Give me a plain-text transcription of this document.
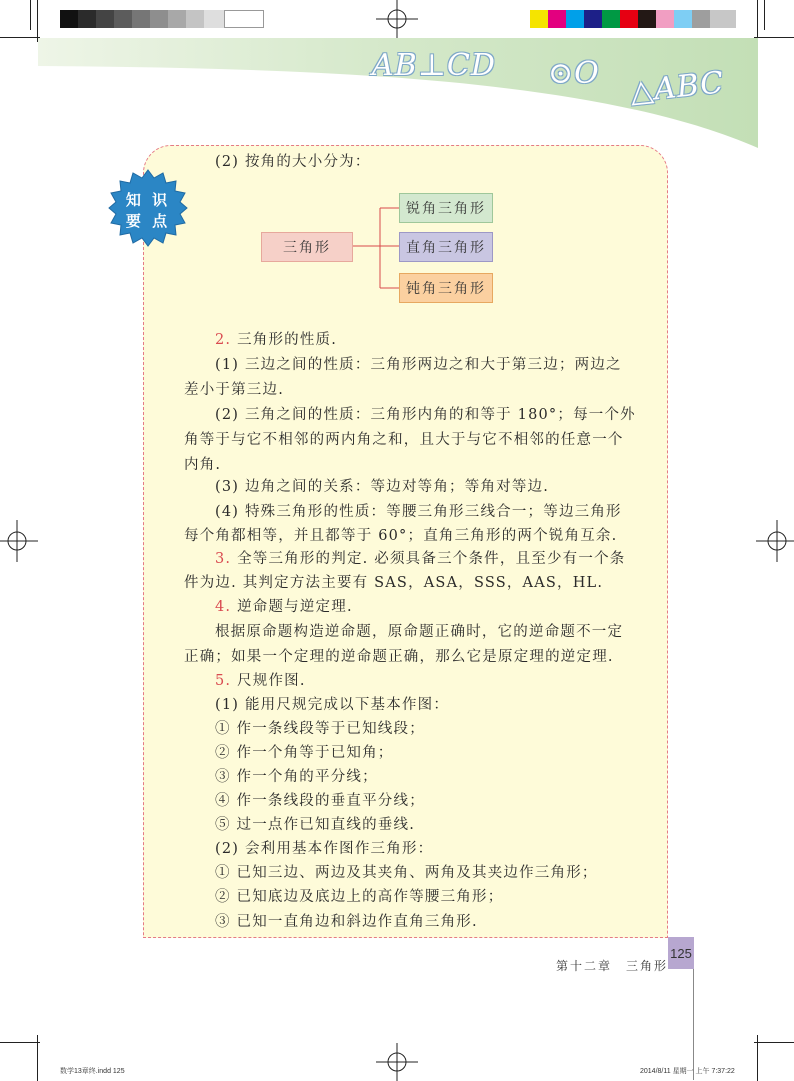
AB⊥CD ⊙O △ABC
知 识
要 点
(2) 按角的大小分为：
三角形
锐角三角形
直角三角形
钝角三角形
2. 三角形的性质.
(1) 三边之间的性质：三角形两边之和大于第三边；两边之
差小于第三边.
(2) 三角之间的性质：三角形内角的和等于 180°；每一个外
角等于与它不相邻的两内角之和，且大于与它不相邻的任意一个
内角.
(3) 边角之间的关系：等边对等角；等角对等边.
(4) 特殊三角形的性质：等腰三角形三线合一；等边三角形
每个角都相等，并且都等于 60°；直角三角形的两个锐角互余.
3. 全等三角形的判定. 必须具备三个条件，且至少有一个条
件为边. 其判定方法主要有 SAS，ASA，SSS，AAS，HL.
4. 逆命题与逆定理.
根据原命题构造逆命题，原命题正确时，它的逆命题不一定
正确；如果一个定理的逆命题正确，那么它是原定理的逆定理.
5. 尺规作图.
(1) 能用尺规完成以下基本作图：
① 作一条线段等于已知线段；
② 作一个角等于已知角；
③ 作一个角的平分线；
④ 作一条线段的垂直平分线；
⑤ 过一点作已知直线的垂线.
(2) 会利用基本作图作三角形：
① 已知三边、两边及其夹角、两角及其夹边作三角形；
② 已知底边及底边上的高作等腰三角形；
③ 已知一直角边和斜边作直角三角形.
第十二章　三角形
125
数学13章终.indd 125	2014/8/11 星期一 上午 7:37:22
